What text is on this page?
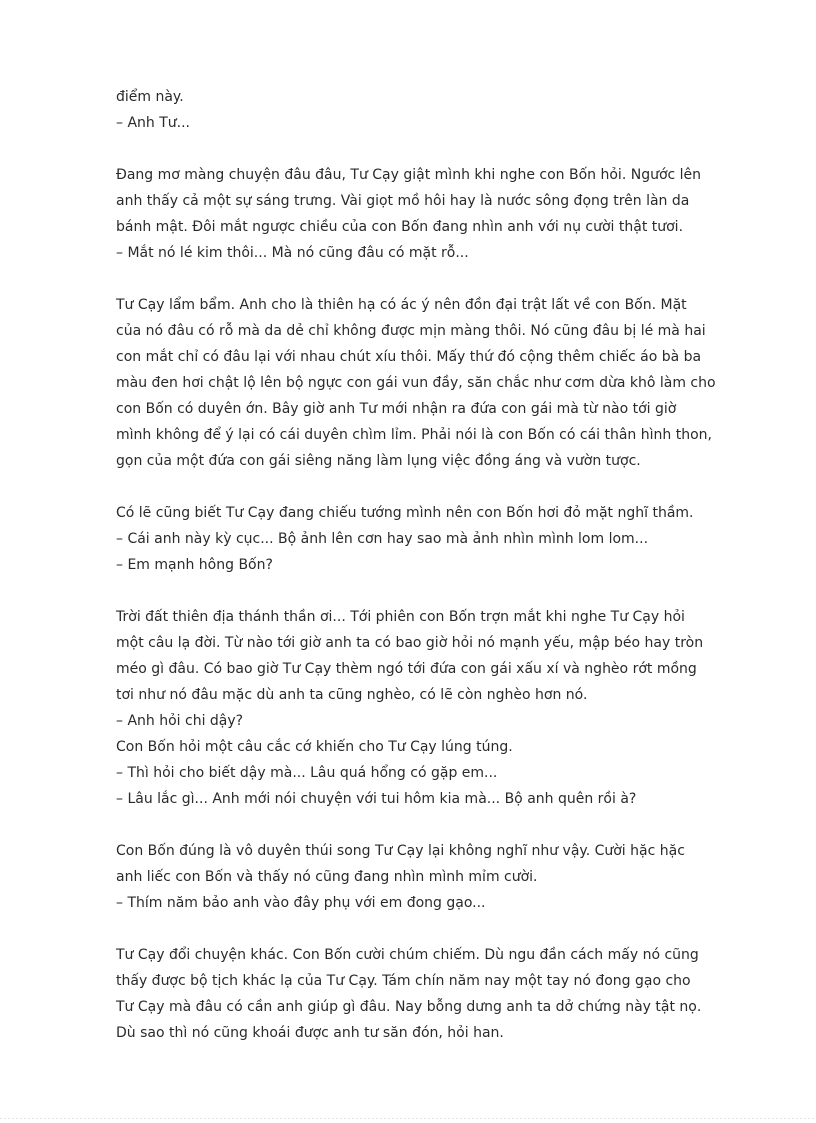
điểm này.
– Anh Tư...
Đang mơ màng chuyện đâu đâu, Tư Cạy giật mình khi nghe con Bốn hỏi. Ngước lên
anh thấy cả một sự sáng trưng. Vài giọt mồ hôi hay là nước sông đọng trên làn da
bánh mật. Đôi mắt ngược chiều của con Bốn đang nhìn anh với nụ cười thật tươi.
– Mắt nó lé kim thôi... Mà nó cũng đâu có mặt rỗ...
Tư Cạy lẩm bẩm. Anh cho là thiên hạ có ác ý nên đồn đại trật lất về con Bốn. Mặt
của nó đâu có rỗ mà da dẻ chỉ không được mịn màng thôi. Nó cũng đâu bị lé mà hai
con mắt chỉ có đâu lại với nhau chút xíu thôi. Mấy thứ đó cộng thêm chiếc áo bà ba
màu đen hơi chật lộ lên bộ ngực con gái vun đầy, săn chắc như cơm dừa khô làm cho
con Bốn có duyên ớn. Bây giờ anh Tư mới nhận ra đứa con gái mà từ nào tới giờ
mình không để ý lại có cái duyên chìm lỉm. Phải nói là con Bốn có cái thân hình thon,
gọn của một đứa con gái siêng năng làm lụng việc đồng áng và vườn tược.
Có lẽ cũng biết Tư Cạy đang chiếu tướng mình nên con Bốn hơi đỏ mặt nghĩ thầm.
– Cái anh này kỳ cục... Bộ ảnh lên cơn hay sao mà ảnh nhìn mình lom lom...
– Em mạnh hông Bốn?
Trời đất thiên địa thánh thần ơi... Tới phiên con Bốn trợn mắt khi nghe Tư Cạy hỏi
một câu lạ đời. Từ nào tới giờ anh ta có bao giờ hỏi nó mạnh yếu, mập béo hay tròn
méo gì đâu. Có bao giờ Tư Cạy thèm ngó tới đứa con gái xấu xí và nghèo rớt mồng
tơi như nó đâu mặc dù anh ta cũng nghèo, có lẽ còn nghèo hơn nó.
– Anh hỏi chi dậy?
Con Bốn hỏi một câu cắc cớ khiến cho Tư Cạy lúng túng.
– Thì hỏi cho biết dậy mà... Lâu quá hổng có gặp em...
– Lâu lắc gì... Anh mới nói chuyện với tui hôm kia mà... Bộ anh quên rồi à?
Con Bốn đúng là vô duyên thúi song Tư Cạy lại không nghĩ như vậy. Cười hặc hặc
anh liếc con Bốn và thấy nó cũng đang nhìn mình mỉm cười.
– Thím năm bảo anh vào đây phụ với em đong gạo...
Tư Cạy đổi chuyện khác. Con Bốn cười chúm chiếm. Dù ngu đần cách mấy nó cũng
thấy được bộ tịch khác lạ của Tư Cạy. Tám chín năm nay một tay nó đong gạo cho
Tư Cạy mà đâu có cần anh giúp gì đâu. Nay bỗng dưng anh ta dở chứng này tật nọ.
Dù sao thì nó cũng khoái được anh tư săn đón, hỏi han.
